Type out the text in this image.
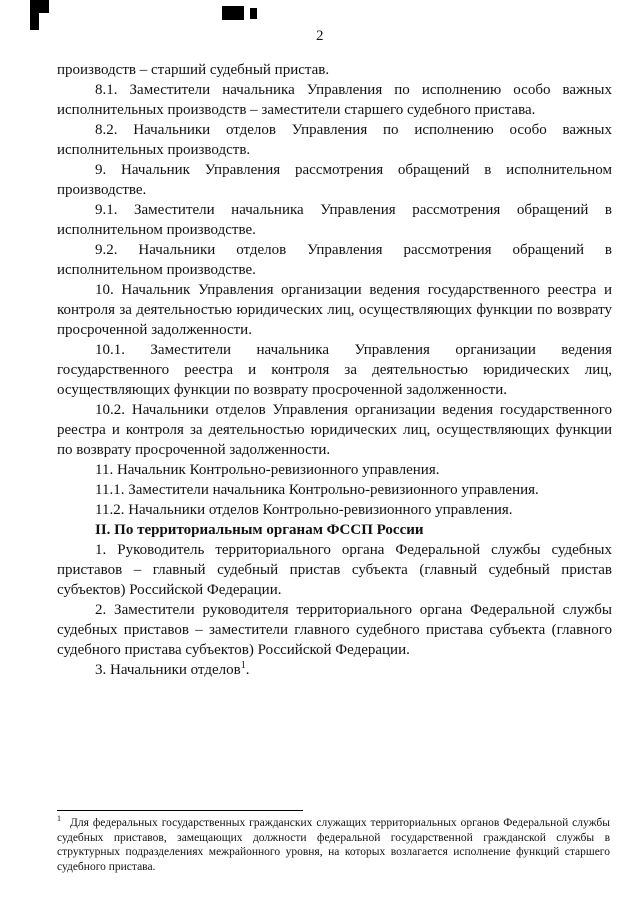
2

производств – старший судебный пристав.

8.1. Заместители начальника Управления по исполнению особо важных исполнительных производств – заместители старшего судебного пристава.

8.2. Начальники отделов Управления по исполнению особо важных исполнительных производств.

9. Начальник Управления рассмотрения обращений в исполнительном производстве.

9.1. Заместители начальника Управления рассмотрения обращений в исполнительном производстве.

9.2. Начальники отделов Управления рассмотрения обращений в исполнительном производстве.

10. Начальник Управления организации ведения государственного реестра и контроля за деятельностью юридических лиц, осуществляющих функции по возврату просроченной задолженности.

10.1. Заместители начальника Управления организации ведения государственного реестра и контроля за деятельностью юридических лиц, осуществляющих функции по возврату просроченной задолженности.

10.2. Начальники отделов Управления организации ведения государственного реестра и контроля за деятельностью юридических лиц, осуществляющих функции по возврату просроченной задолженности.

11. Начальник Контрольно-ревизионного управления.

11.1. Заместители начальника Контрольно-ревизионного управления.

11.2. Начальники отделов Контрольно-ревизионного управления.

II. По территориальным органам ФССП России

1. Руководитель территориального органа Федеральной службы судебных приставов – главный судебный пристав субъекта (главный судебный пристав субъектов) Российской Федерации.

2. Заместители руководителя территориального органа Федеральной службы судебных приставов – заместители главного судебного пристава субъекта (главного судебного пристава субъектов) Российской Федерации.

3. Начальники отделов$^1$.

$^1$ Для федеральных государственных гражданских служащих территориальных органов Федеральной службы судебных приставов, замещающих должности федеральной государственной гражданской службы в структурных подразделениях межрайонного уровня, на которых возлагается исполнение функций старшего судебного пристава.
